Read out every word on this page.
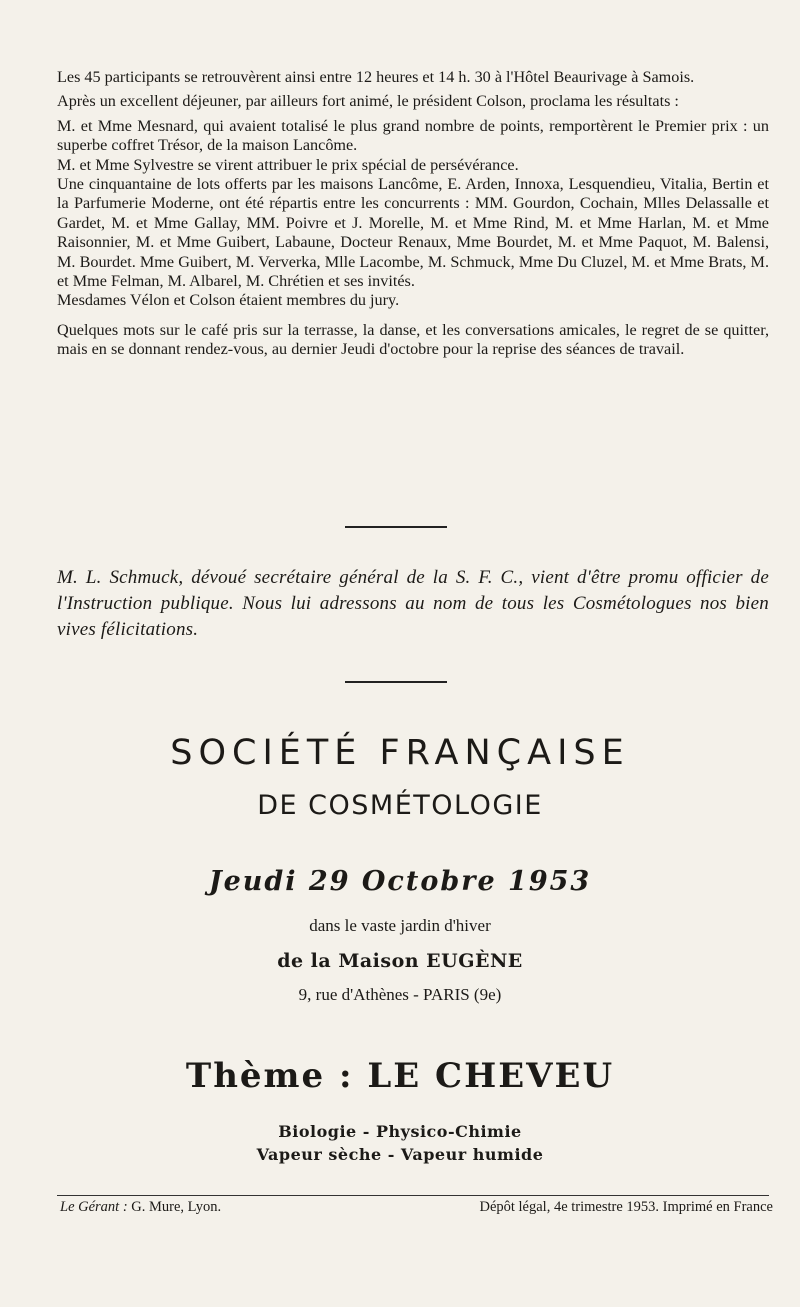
Les 45 participants se retrouvèrent ainsi entre 12 heures et 14 h. 30 à l'Hôtel Beaurivage à Samois.

Après un excellent déjeuner, par ailleurs fort animé, le président Colson, proclama les résultats :

M. et Mme Mesnard, qui avaient totalisé le plus grand nombre de points, remportèrent le Premier prix : un superbe coffret Trésor, de la maison Lancôme.

M. et Mme Sylvestre se virent attribuer le prix spécial de persévérance.

Une cinquantaine de lots offerts par les maisons Lancôme, E. Arden, Innoxa, Lesquendieu, Vitalia, Bertin et la Parfumerie Moderne, ont été répartis entre les concurrents : MM. Gourdon, Cochain, Mlles Delassalle et Gardet, M. et Mme Gallay, MM. Poivre et J. Morelle, M. et Mme Rind, M. et Mme Harlan, M. et Mme Raisonnier, M. et Mme Guibert, Labaune, Docteur Renaux, Mme Bourdet, M. et Mme Paquot, M. Balensi, M. Bourdet. Mme Guibert, M. Ververka, Mlle Lacombe, M. Schmuck, Mme Du Cluzel, M. et Mme Brats, M. et Mme Felman, M. Albarel, M. Chrétien et ses invités.

Mesdames Vélon et Colson étaient membres du jury.

Quelques mots sur le café pris sur la terrasse, la danse, et les conversations amicales, le regret de se quitter, mais en se donnant rendez-vous, au dernier Jeudi d'octobre pour la reprise des séances de travail.

M. L. Schmuck, dévoué secrétaire général de la S. F. C., vient d'être promu officier de l'Instruction publique. Nous lui adressons au nom de tous les Cosmétologues nos bien vives félicitations.
SOCIÉTÉ FRANÇAISE
DE COSMÉTOLOGIE
Jeudi 29 Octobre 1953
dans le vaste jardin d'hiver
de la Maison EUGÈNE
9, rue d'Athènes - PARIS (9e)
Thème : LE CHEVEU
Biologie - Physico-Chimie
Vapeur sèche - Vapeur humide
Le Gérant : G. Mure, Lyon.	Dépôt légal, 4e trimestre 1953. Imprimé en France
